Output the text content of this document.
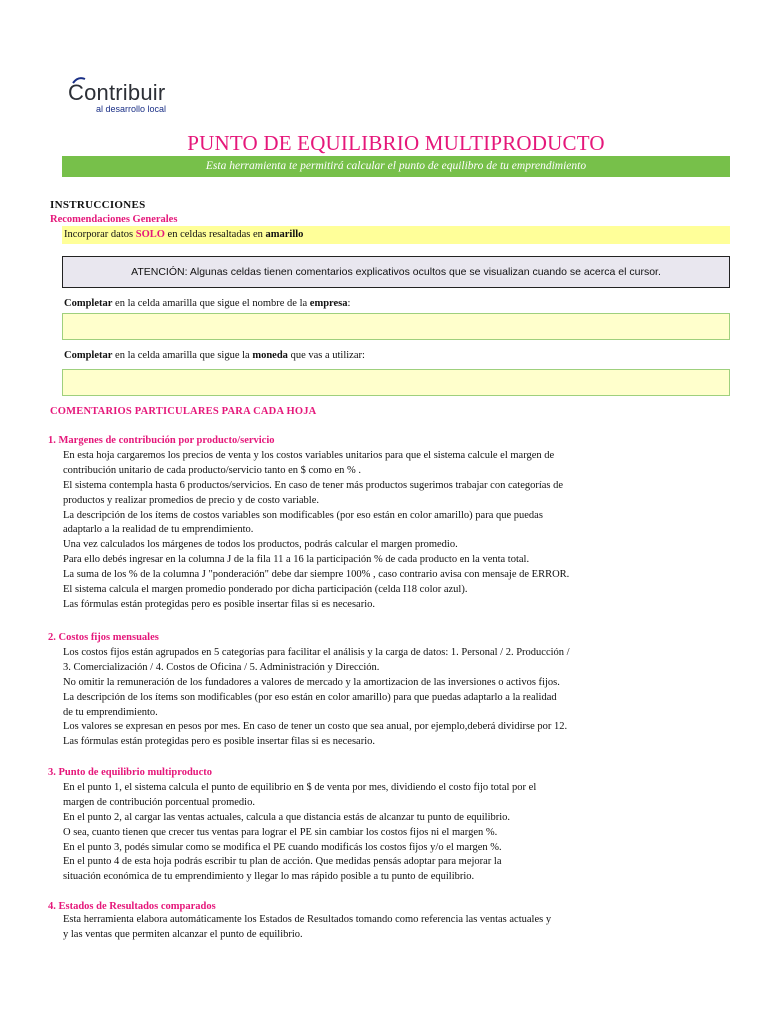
Contribuir
al desarrollo local
PUNTO DE EQUILIBRIO MULTIPRODUCTO
Esta herramienta te permitirá calcular el punto de equilibro de tu emprendimiento
INSTRUCCIONES
Recomendaciones Generales
Incorporar datos SOLO en celdas resaltadas en amarillo
ATENCIÓN: Algunas celdas tienen comentarios explicativos ocultos que se visualizan cuando se acerca el cursor.
Completar en la celda amarilla que sigue el nombre de la empresa:
Completar en la celda amarilla que sigue la moneda que vas a utilizar:
COMENTARIOS PARTICULARES PARA CADA HOJA
1. Margenes de contribución por producto/servicio
En esta hoja cargaremos los precios de venta y los costos variables unitarios para que el sistema calcule el margen de
contribución unitario de cada producto/servicio tanto en $ como en % .
El sistema contempla hasta 6 productos/servicios. En caso de tener más productos sugerimos trabajar con categorías de
productos y realizar promedios de precio y de costo variable.
La descripción de los ítems de costos variables son modificables (por eso están en color amarillo) para que puedas
adaptarlo a la realidad de tu emprendimiento.
Una vez calculados los márgenes de todos los productos, podrás calcular el margen promedio.
Para ello debés ingresar en la columna J de la fila 11 a 16 la participación % de cada producto en la venta total.
La suma de los % de la columna J "ponderación" debe dar siempre 100% , caso contrario avisa con mensaje de ERROR.
El sistema calcula el margen promedio ponderado por dicha participación (celda I18 color azul).
Las fórmulas están protegidas pero es posible insertar filas si es necesario.
2. Costos fijos mensuales
Los costos fijos están agrupados en 5 categorías para facilitar el análisis y la carga de datos: 1. Personal / 2. Producción /
3. Comercialización / 4. Costos de Oficina / 5. Administración y Dirección.
No omitir la remuneración de los fundadores a valores de mercado y la amortizacion de las inversiones o activos fijos.
La descripción de los ítems son modificables (por eso están en color amarillo) para que puedas adaptarlo a la realidad
de tu emprendimiento.
Los valores se expresan en pesos por mes. En caso de tener un costo que sea anual, por ejemplo,deberá dividirse por 12.
Las fórmulas están protegidas pero es posible insertar filas si es necesario.
3. Punto de equilibrio multiproducto
En el punto 1, el sistema calcula el punto de equilibrio en $ de venta por mes, dividiendo el costo fijo total por el
margen de contribución porcentual promedio.
En el punto 2, al cargar las ventas actuales, calcula a que distancia estás de alcanzar tu punto de equilibrio.
O sea, cuanto tienen que crecer tus ventas para lograr el PE sin cambiar los costos fijos ni el margen %.
En el punto 3, podés simular como se modifica el PE cuando modificás los costos fijos y/o el margen %.
En el punto 4 de esta hoja podrás escribir tu plan de acción. Que medidas pensás adoptar para mejorar la
situación económica de tu emprendimiento y llegar lo mas rápido posible a tu punto de equilibrio.
4. Estados de Resultados comparados
Esta herramienta elabora automáticamente los Estados de Resultados tomando como referencia las ventas actuales y
y las ventas que permiten alcanzar el punto de equilibrio.
